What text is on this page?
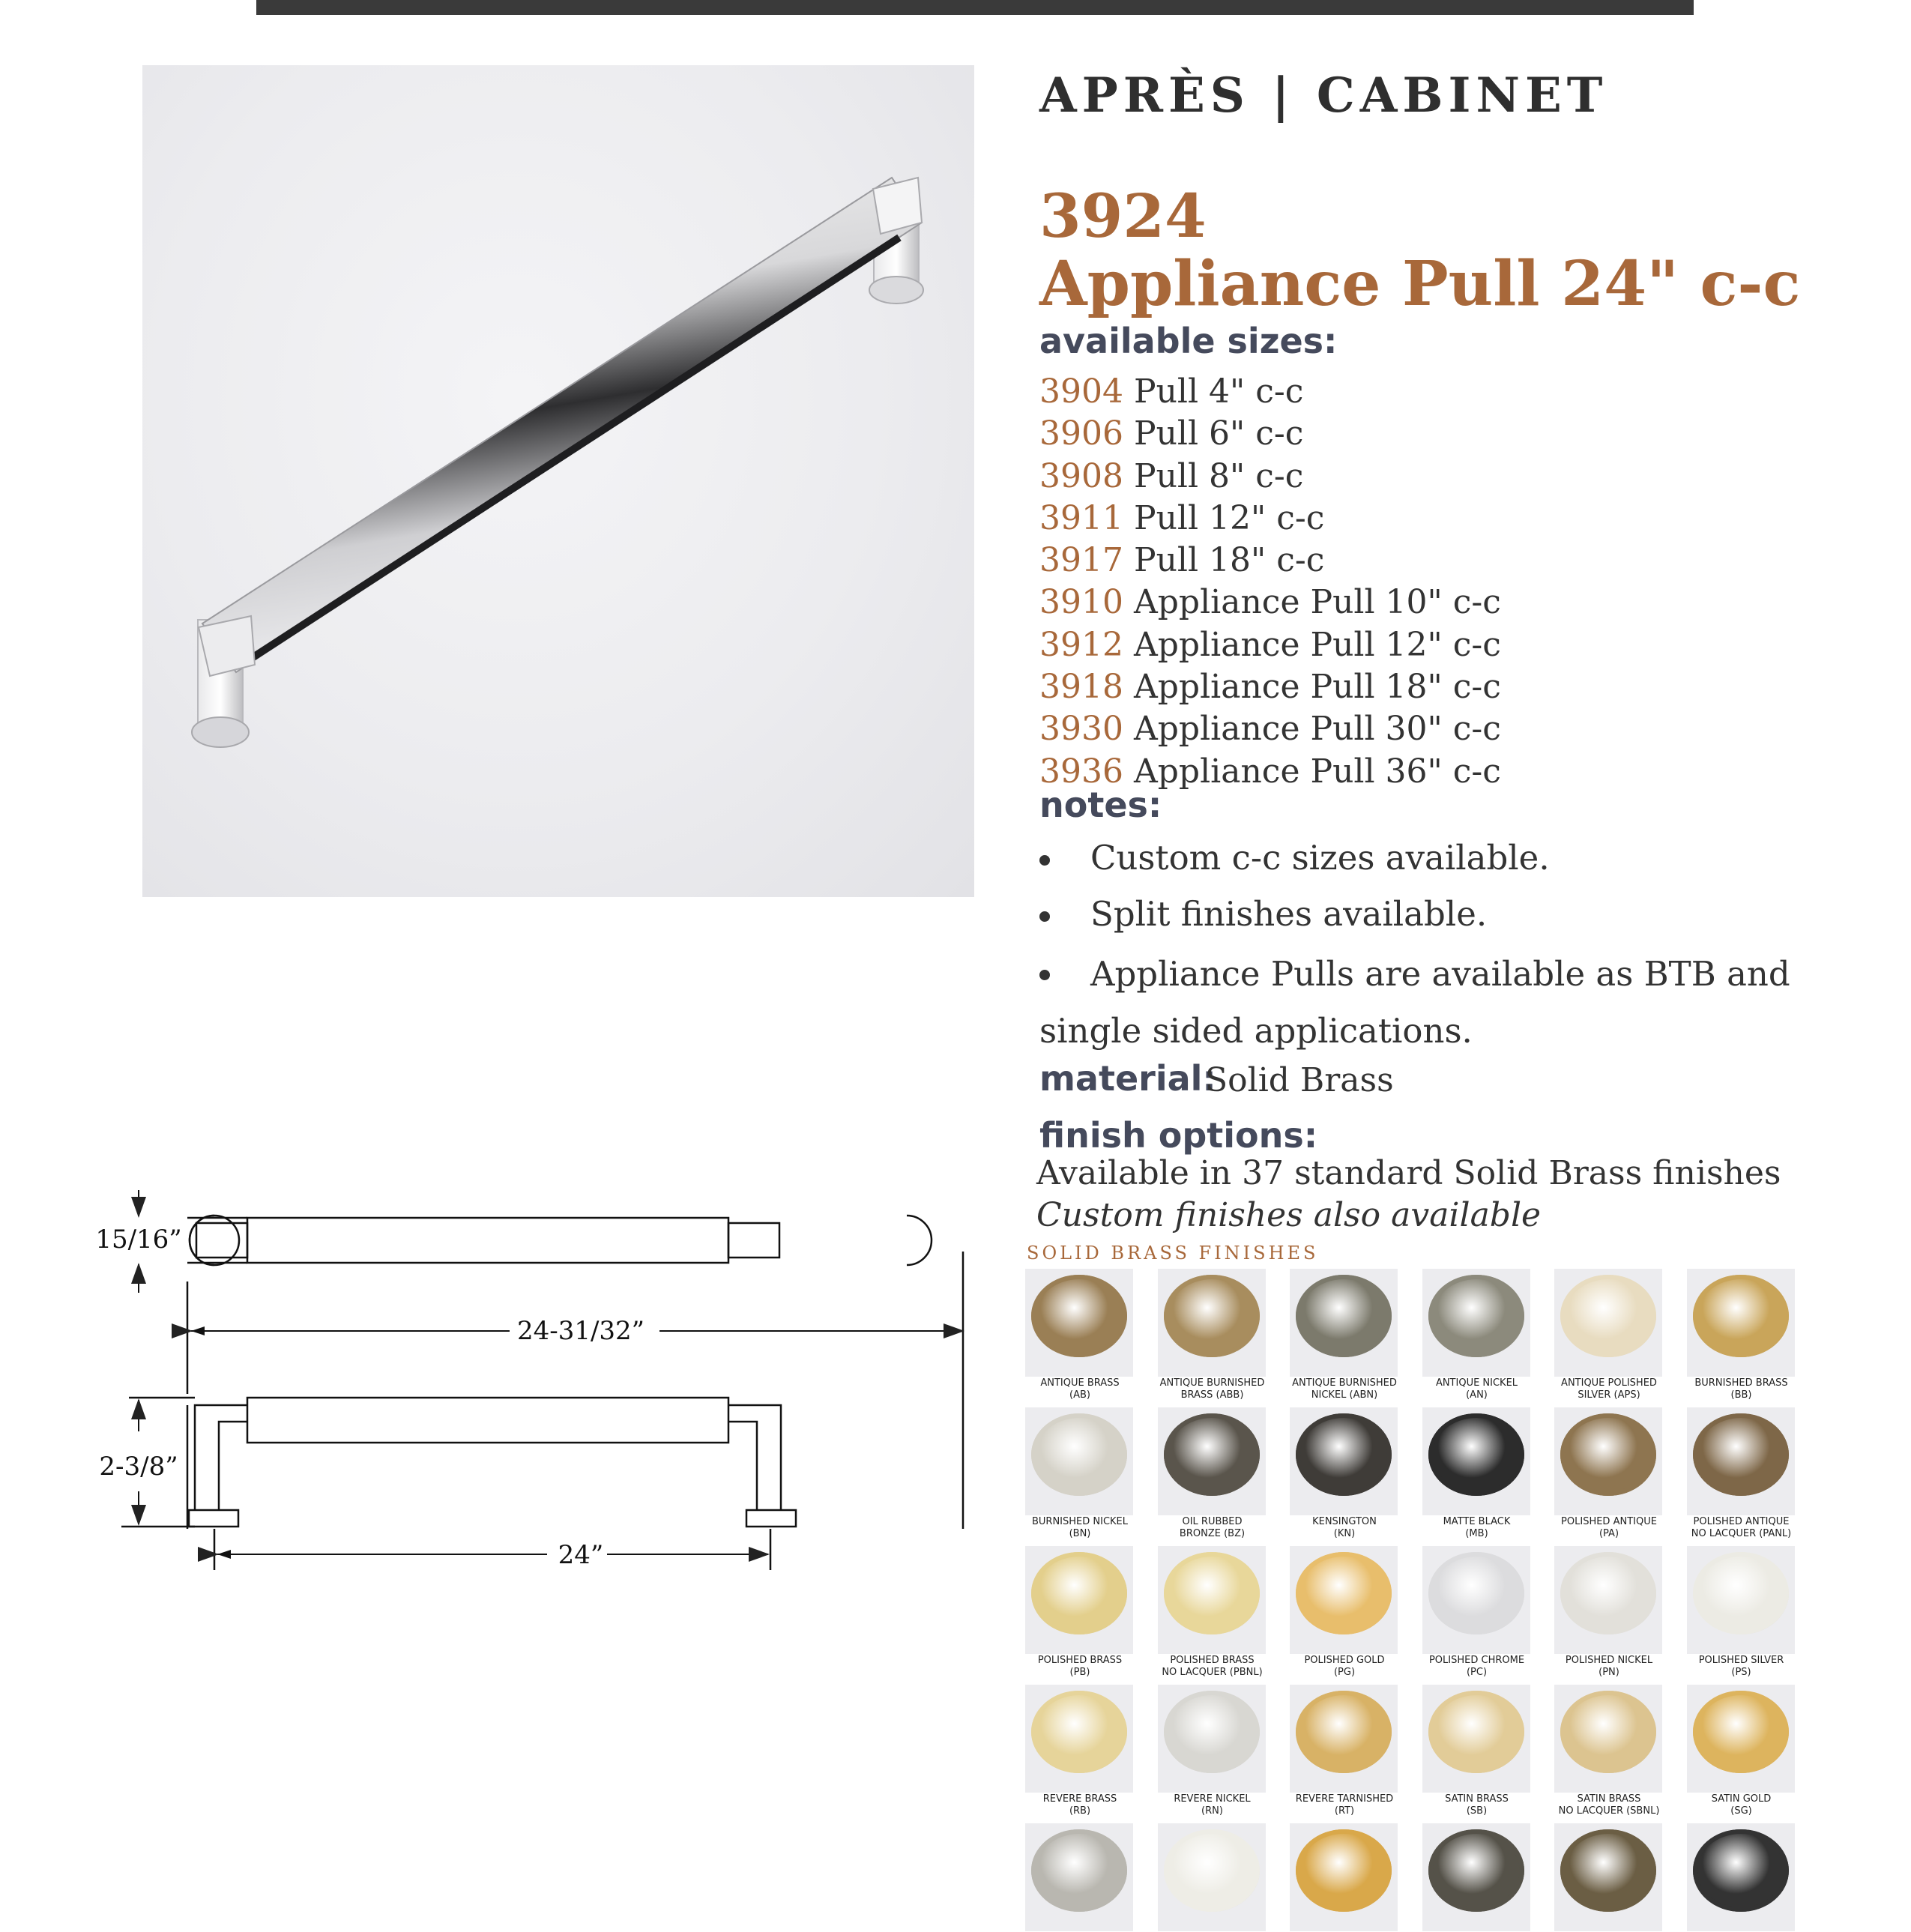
APRÈS | CABINET
3924
Appliance Pull 24" c-c
available sizes:
3904 Pull 4" c-c
3906 Pull 6" c-c
3908 Pull 8" c-c
3911 Pull 12" c-c
3917 Pull 18" c-c
3910 Appliance Pull 10" c-c
3912 Appliance Pull 12" c-c
3918 Appliance Pull 18" c-c
3930 Appliance Pull 30" c-c
3936 Appliance Pull 36" c-c
notes:
Custom c-c sizes available.
Split finishes available.
Appliance Pulls are available as BTB and
single sided applications.
material:
Solid Brass
finish options:
Available in 37 standard Solid Brass finishes
Custom finishes also available
SOLID BRASS FINISHES
ANTIQUE BRASS
(AB)
ANTIQUE BURNISHED
BRASS (ABB)
ANTIQUE BURNISHED
NICKEL (ABN)
ANTIQUE NICKEL
(AN)
ANTIQUE POLISHED
SILVER (APS)
BURNISHED BRASS
(BB)
BURNISHED NICKEL
(BN)
OIL RUBBED
BRONZE (BZ)
KENSINGTON
(KN)
MATTE BLACK
(MB)
POLISHED ANTIQUE
(PA)
POLISHED ANTIQUE
NO LACQUER (PANL)
POLISHED BRASS
(PB)
POLISHED BRASS
NO LACQUER (PBNL)
POLISHED GOLD
(PG)
POLISHED CHROME
(PC)
POLISHED NICKEL
(PN)
POLISHED SILVER
(PS)
REVERE BRASS
(RB)
REVERE NICKEL
(RN)
REVERE TARNISHED
(RT)
SATIN BRASS
(SB)
SATIN BRASS
NO LACQUER (SBNL)
SATIN GOLD
(SG)
15/16”
24-31/32”
2-3/8”
24”
